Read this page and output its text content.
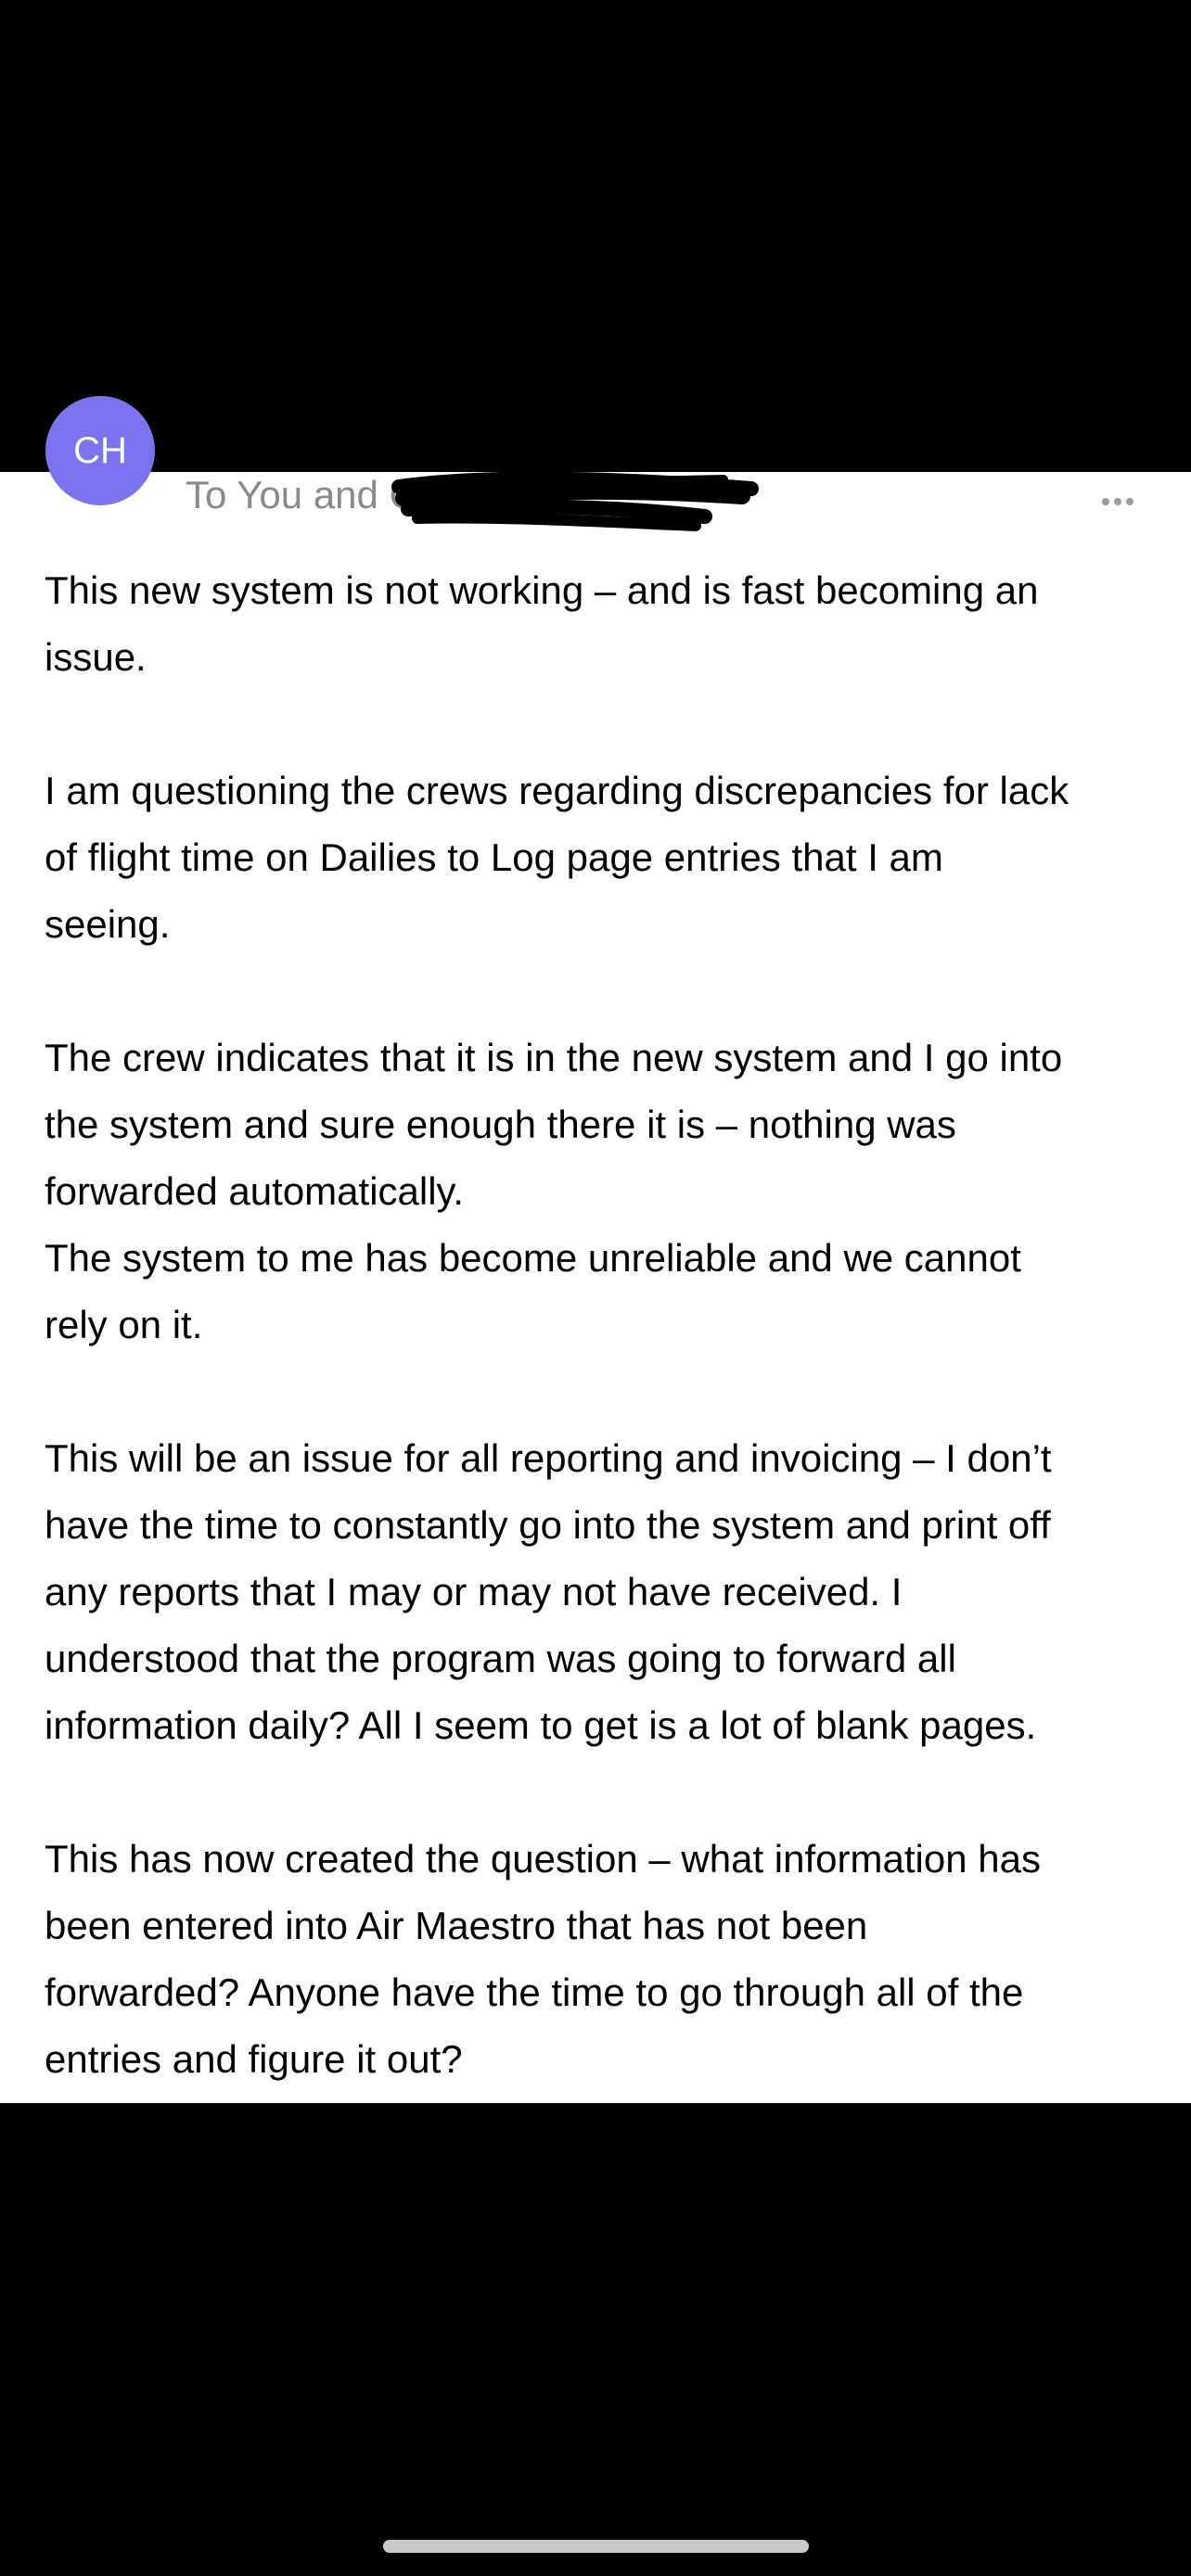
CH
To You and C_________ ___

This new system is not working – and is fast becoming an
issue.

I am questioning the crews regarding discrepancies for lack
of flight time on Dailies to Log page entries that I am
seeing.

The crew indicates that it is in the new system and I go into
the system and sure enough there it is – nothing was
forwarded automatically.

The system to me has become unreliable and we cannot
rely on it.

This will be an issue for all reporting and invoicing – I don’t
have the time to constantly go into the system and print off
any reports that I may or may not have received. I
understood that the program was going to forward all
information daily? All I seem to get is a lot of blank pages.

This has now created the question – what information has
been entered into Air Maestro that has not been
forwarded? Anyone have the time to go through all of the
entries and figure it out?
